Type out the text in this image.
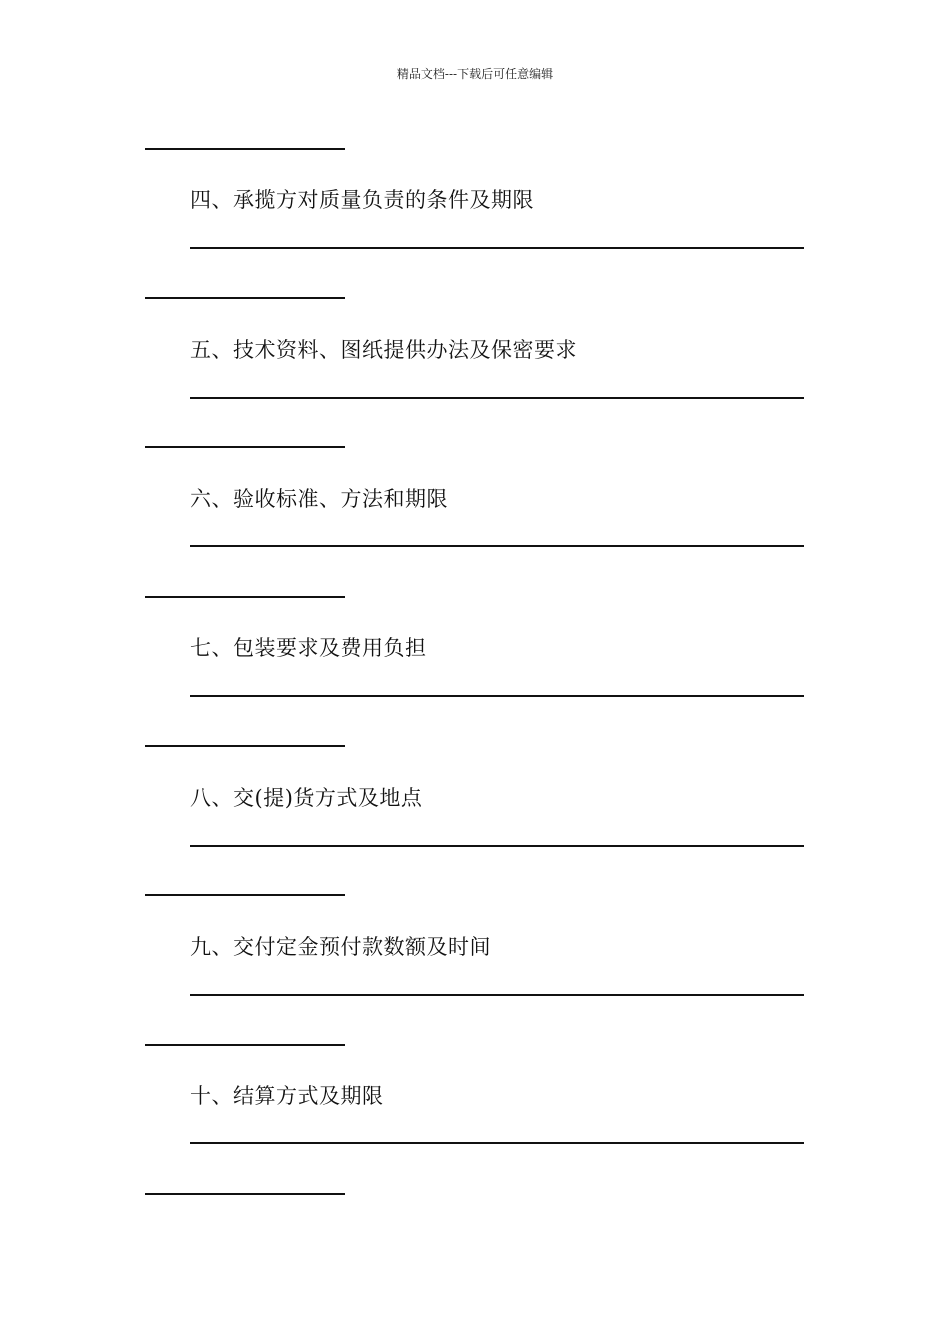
精品文档---下载后可任意编辑
四、承揽方对质量负责的条件及期限
五、技术资料、图纸提供办法及保密要求
六、验收标准、方法和期限
七、包装要求及费用负担
八、交(提)货方式及地点
九、交付定金预付款数额及时间
十、结算方式及期限
